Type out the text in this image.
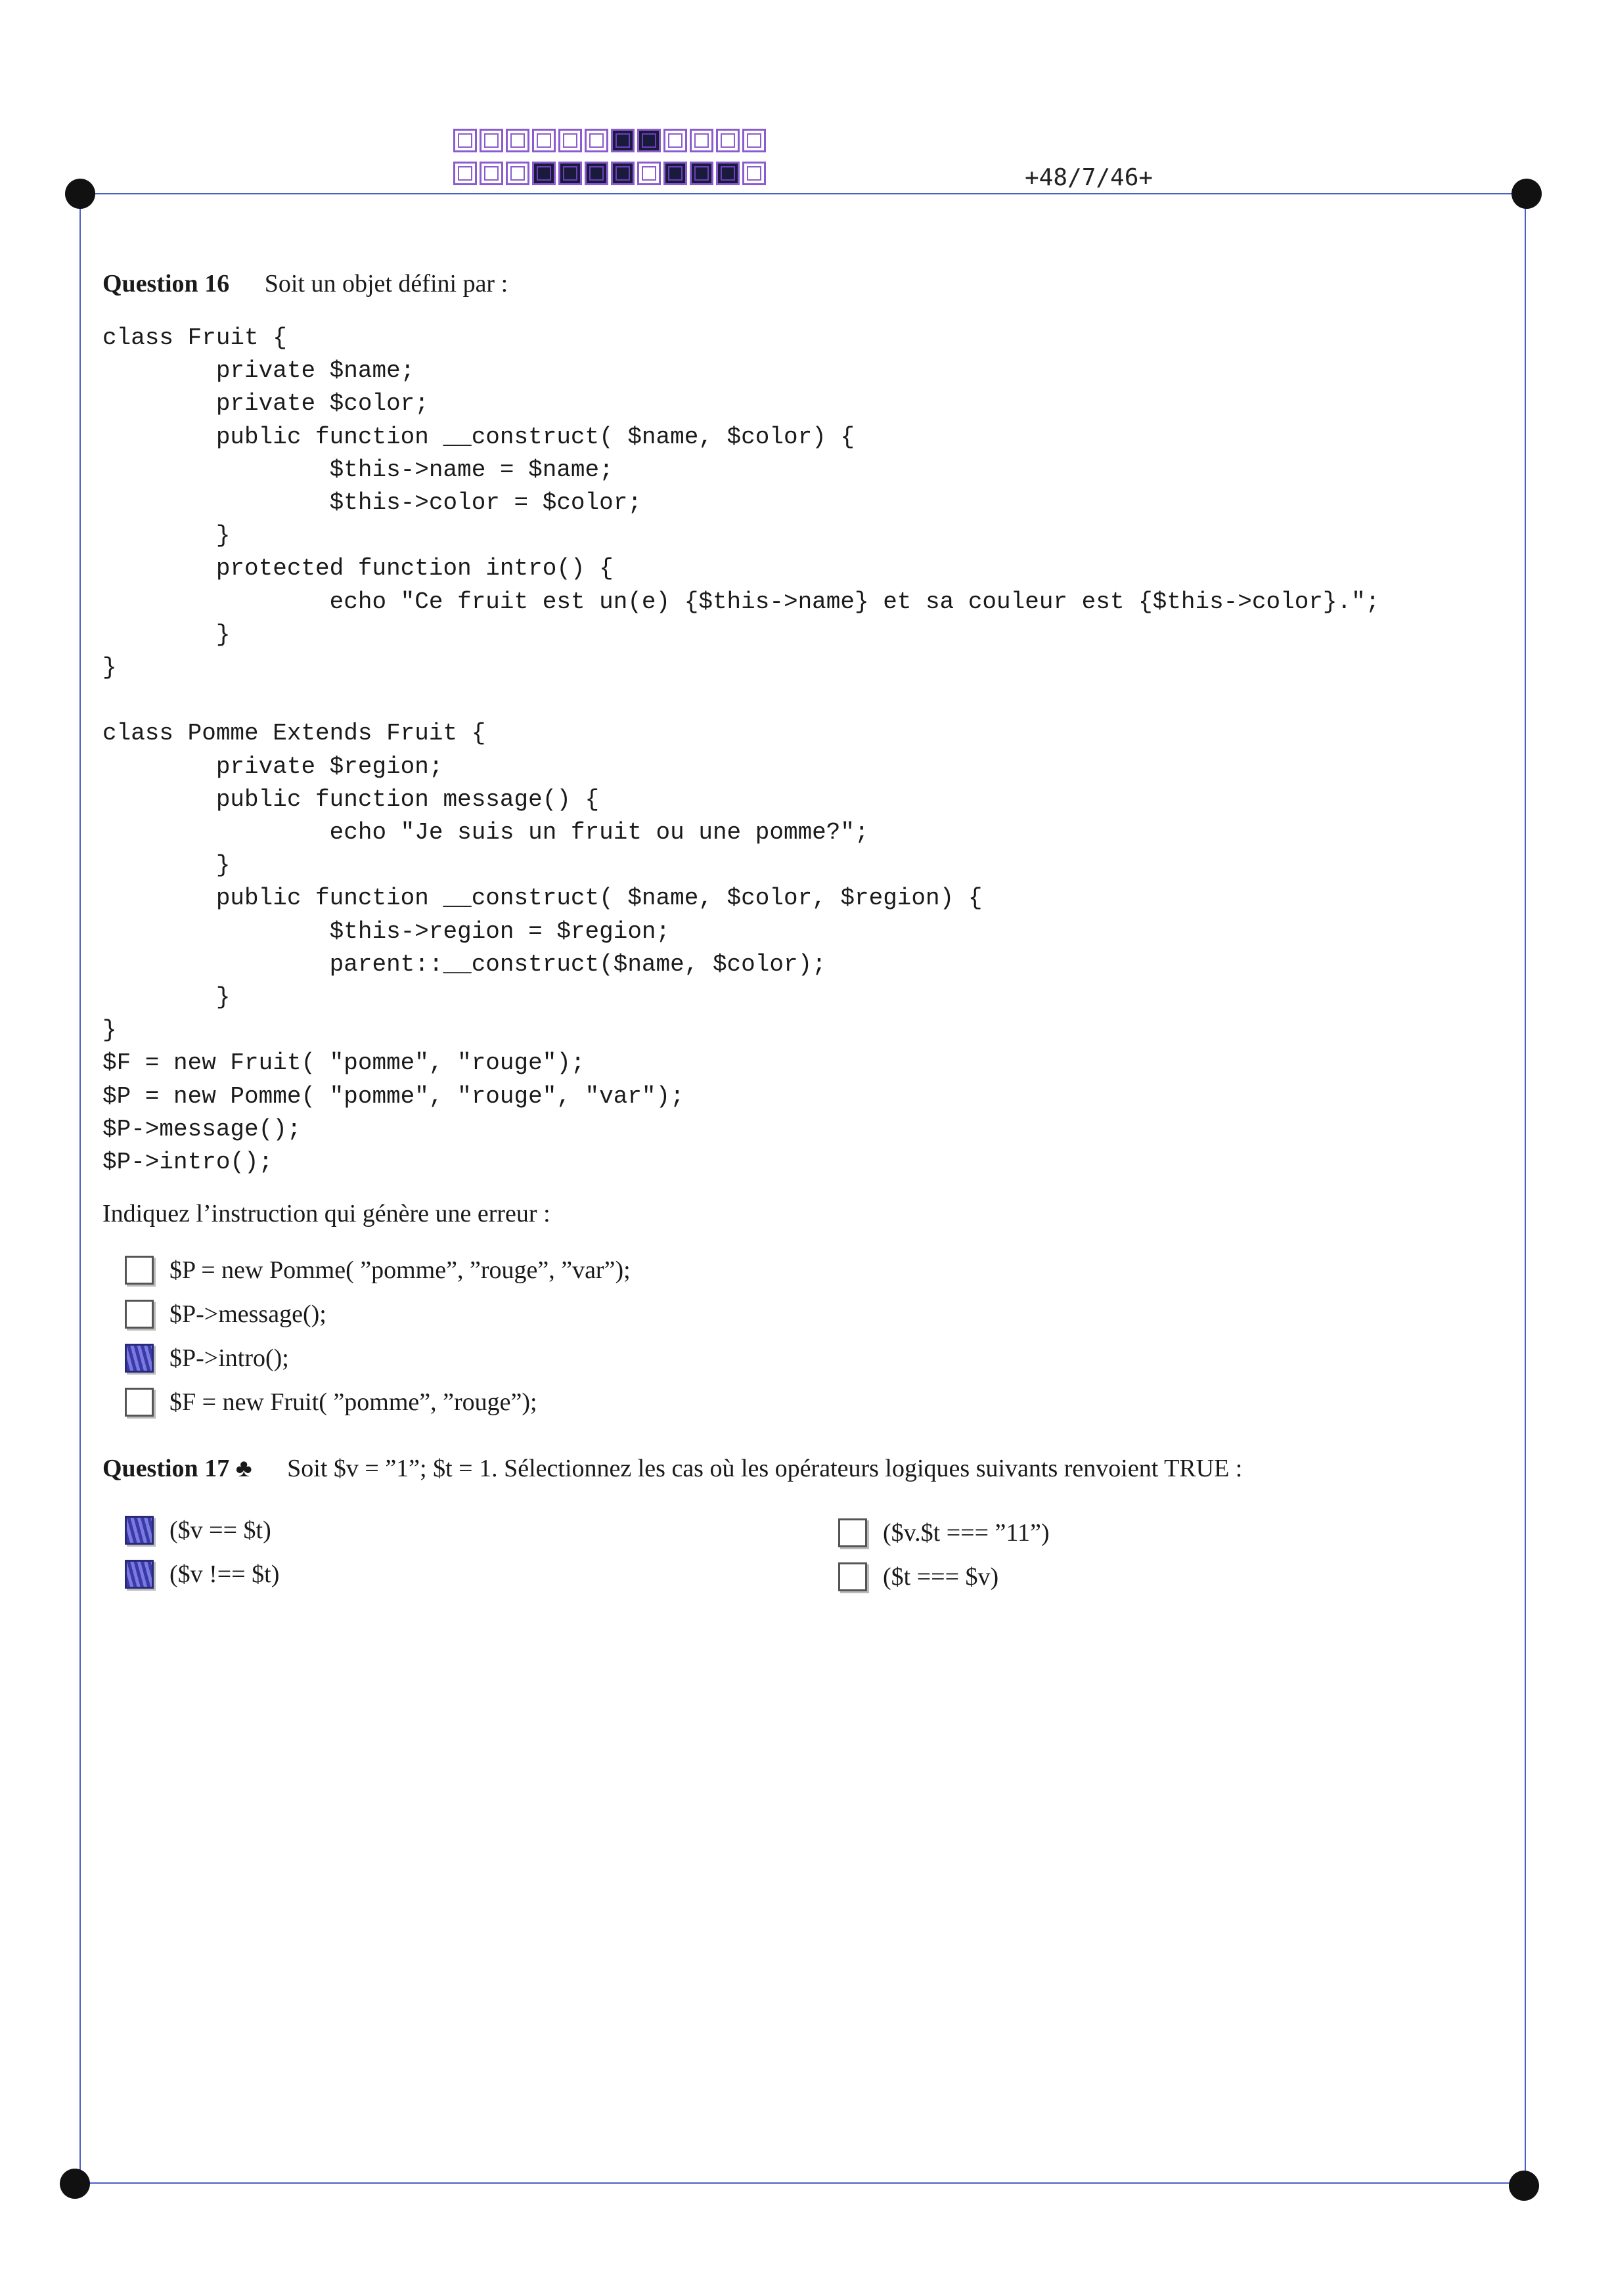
+48/7/46+
Question 16 Soit un objet défini par :
class Fruit {
private $name;
private $color;
public function __construct( $name, $color) {
$this->name = $name;
$this->color = $color;
}
protected function intro() {
echo "Ce fruit est un(e) {$this->name} et sa couleur est {$this->color}.";
}
}

class Pomme Extends Fruit {
private $region;
public function message() {
echo "Je suis un fruit ou une pomme?";
}
public function __construct( $name, $color, $region) {
$this->region = $region;
parent::__construct($name, $color);
}
}
$F = new Fruit( "pomme", "rouge");
$P = new Pomme( "pomme", "rouge", "var");
$P->message();
$P->intro();
Indiquez l’instruction qui génère une erreur :
$P = new Pomme( ”pomme”, ”rouge”, ”var”);
$P->message();
$P->intro();
$F = new Fruit( ”pomme”, ”rouge”);
Question 17 ♣ Soit $v = ”1”; $t = 1. Sélectionnez les cas où les opérateurs logiques suivants renvoient TRUE :
($v == $t)
($v !== $t)
($v.$t === ”11”)
($t === $v)
